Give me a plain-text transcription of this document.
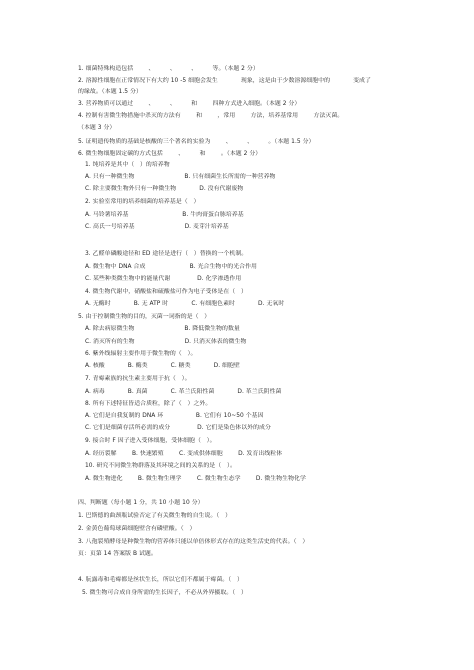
1. 细菌特殊构造包括        、        、        、        等。（本题 2 分）
2. 溶源性细胞在正常情况下有大约 10 -5 细胞会发生            现象，这是由于少数溶源细胞中的            变成了
的缘故。（本题 1.5 分）
3. 营养物质可以通过        、        、        和        四种方式进入细胞。（本题 2 分）
4. 控制有害微生物措施中杀灭的方法有        和        ，常用        方法，培养基常用        方法灭菌。
（本题 3 分）
5. 证明遗传物质的基础是核酸的三个著名的实验为        、        、        。（本题 1.5 分）
6. 微生物细胞固定碳的方式包括        、        和        。（本题 2 分）
1. 纯培养是其中（   ）的培养物
A. 只有一种微生物                          B. 只有细菌生长所需的一种营养物
C. 除主要微生物外只有一种微生物            D. 没有代谢废物
2. 实验室常用的培养细菌的培养基是（   ）
A. 马铃薯培养基                            B. 牛肉膏蛋白胨培养基
C. 高氏一号培养基                          D. 麦芽汁培养基
3. 乙醛单磷酸途径和 ED 途径是进行（   ）替换的一个机制。
A. 微生物中 DNA 合成                       B. 光合生物中的光合作用
C. 某些种类微生物中的能量代谢              D. 化学渗透作用
4. 微生物代谢中，硝酸盐和硫酸盐可作为电子受体是在（   ）
A. 无酶时            B. 无 ATP 时            C. 有细胞色素时            D. 无氧时
5. 由于控制微生物的目的，灭菌一词指的是（   ）
A. 除去病原微生物                          B. 降低微生物的数量
C. 消灭所有的生物                          D. 只消灭体表的微生物
6. 紫外线辐射主要作用于微生物的（   ）。
A. 核酸            B. 酶类            C. 糖类            D. 细胞壁
7. 青霉素族的抗生素主要用于抗（   ）。
A. 病毒            B. 真菌            C. 革兰氏阳性菌            D. 革兰氏阴性菌
8. 所有下述特征皆适合质粒，除了（   ）之外。
A. 它们是自我复制的 DNA 环                 B. 它们有 10~50 个基因
C. 它们是细菌存活所必需的成分              D. 它们是染色体以外的成分
9. 接合时 F 因子进入受体细胞，受体细胞（   ）。
A. 经历裂解        B. 快速繁殖        C. 变成供体细胞        D. 发育出线粒体
10. 研究不同微生物群落及其环境之间的关系的是（   ）。
A. 微生物进化        B. 微生物生理学        C. 微生物生态学        D. 微生物生物化学
四、判断题（每小题 1 分，共 10 小题 10 分）
1. 巴斯德的曲颈瓶试验否定了有关微生物的自生说。（   ）
2. 金黄色葡萄球菌细胞壁含有磷壁酸。（   ）
3. 八孢裂殖酵母是种微生物的营养体只能以单倍体形式存在的这类生活史的代表。（   ）
页：页第 14 答案版 B 试题。
4. 朊露毒和毛霉都是丝状生长，所以它们不都属于霉菌。（   ）
5. 微生物可合成自身所需的生长因子，不必从外界摄取。（   ）
